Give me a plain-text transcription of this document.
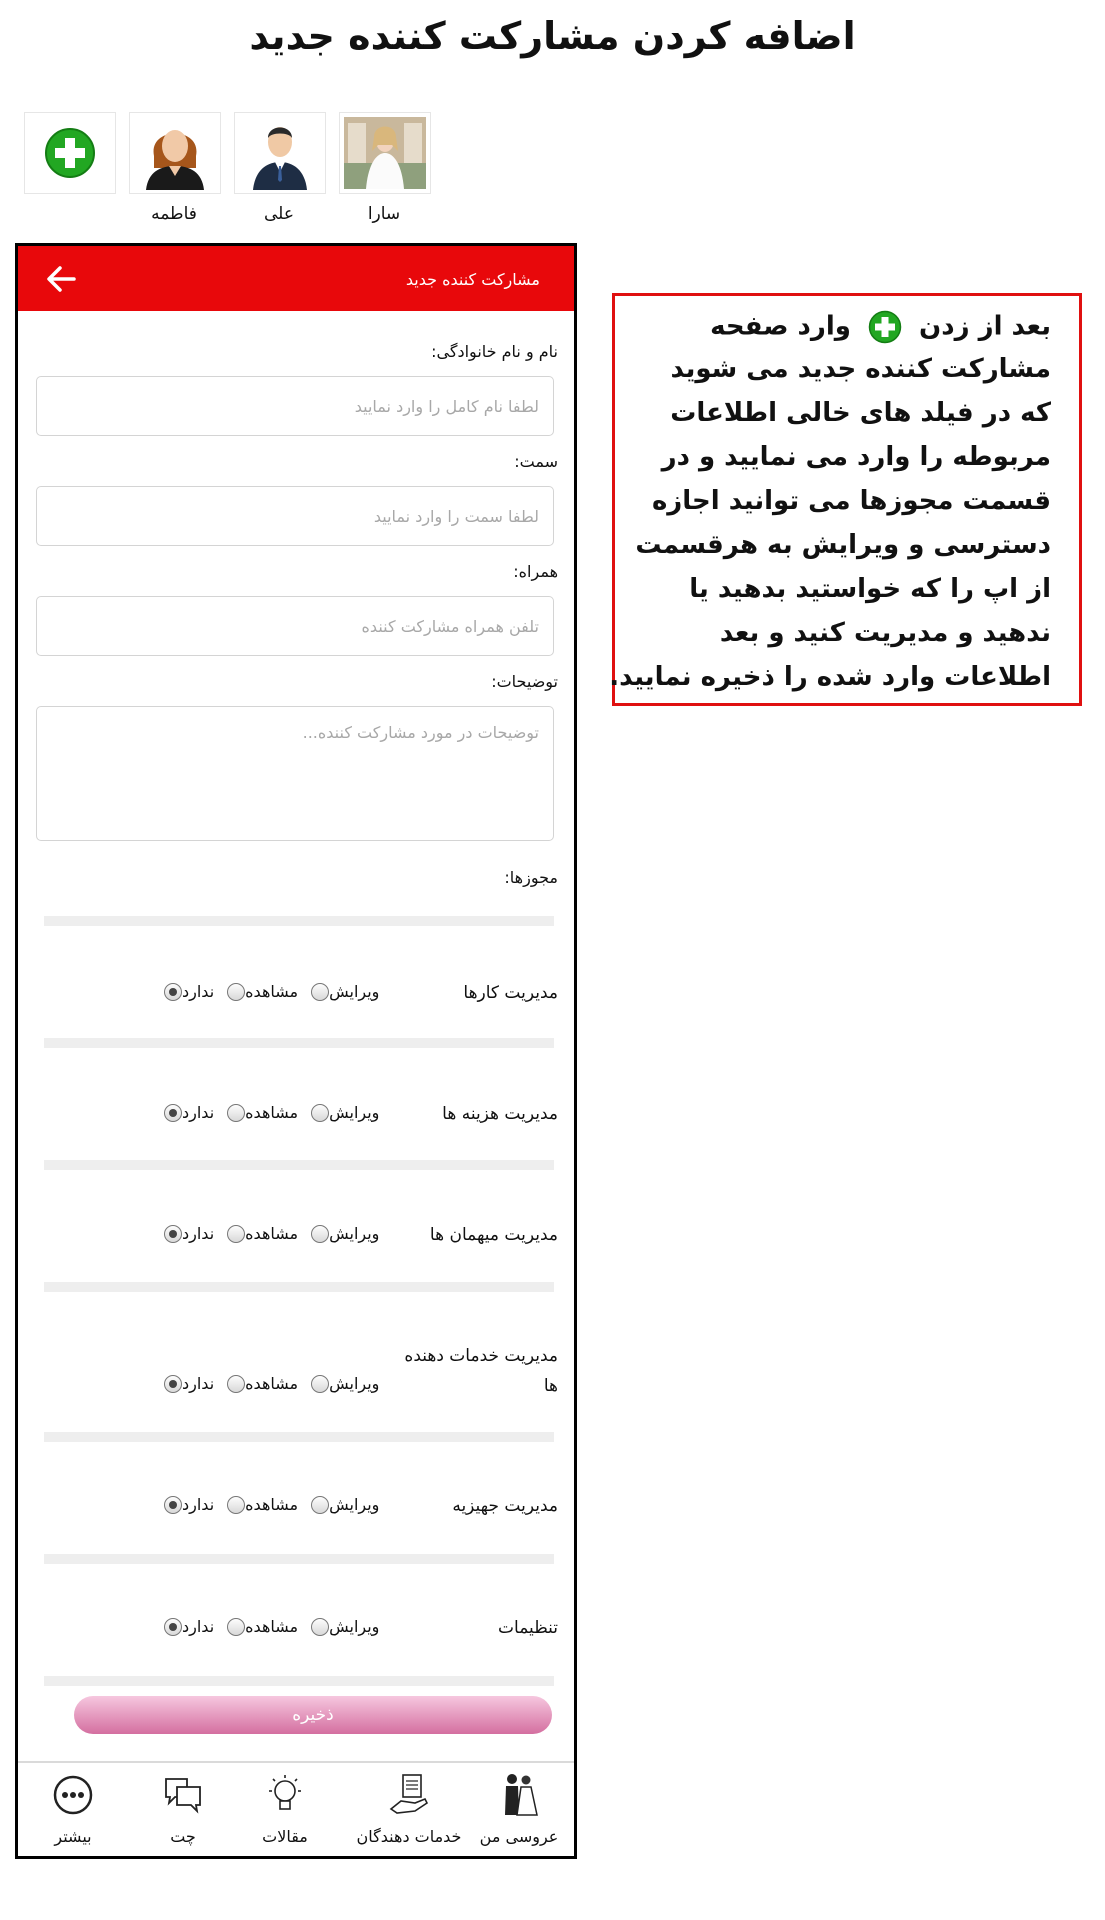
اضافه کردن مشارکت کننده جدید
فاطمه	علی	سارا
مشارکت کننده جدید
نام و نام خانوادگی:
لطفا نام کامل را وارد نمایید
سمت:
لطفا سمت را وارد نمایید
همراه:
تلفن همراه مشارکت کننده
توضیحات:
توضیحات در مورد مشارکت کننده...
مجوزها:
مدیریت کارها
ندارد مشاهده ویرایش
مدیریت هزینه ها
ندارد مشاهده ویرایش
مدیریت میهمان ها
ندارد مشاهده ویرایش
مدیریت خدمات دهنده ها
ندارد مشاهده ویرایش
مدیریت جهیزیه
ندارد مشاهده ویرایش
تنظیمات
ندارد مشاهده ویرایش
ذخیره
عروسی من
خدمات دهندگان
مقالات
چت
بیشتر
بعد از زدن  وارد صفحه
مشارکت کننده جدید می شوید
که در فیلد های خالی اطلاعات
مربوطه را وارد می نمایید و در
قسمت مجوزها می توانید اجازه
دسترسی و ویرایش به هرقسمت
از اپ را که خواستید بدهید یا
ندهید و مدیریت کنید و بعد
اطلاعات وارد شده را ذخیره نمایید.
